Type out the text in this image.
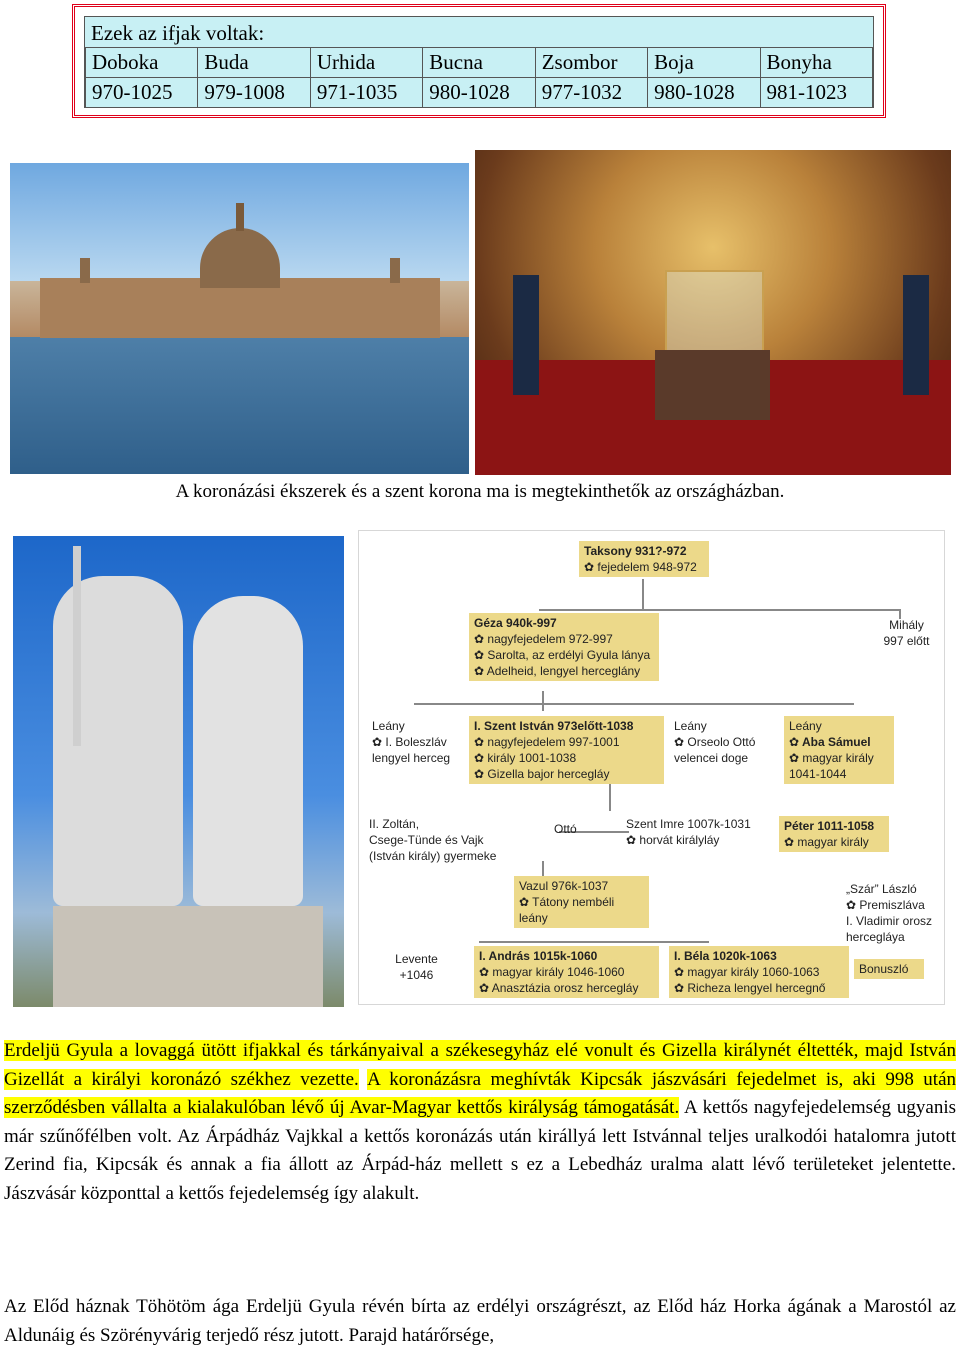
Ezek az ifjak voltak:
Doboka	Buda	Urhida	Bucna	Zsombor	Boja	Bonyha
970-1025	979-1008	971-1035	980-1028	977-1032	980-1028	981-1023
A koronázási ékszerek és a szent korona ma is megtekinthetők az országházban.
Taksony 931?-972
✿ fejedelem 948-972
Géza 940k-997
✿ nagyfejedelem 972-997
✿ Sarolta, az erdélyi Gyula lánya
✿ Adelheid, lengyel herceglány
Mihály
997 előtt
Leány
✿ I. Boleszláv
lengyel herceg
I. Szent István 973előtt-1038
✿ nagyfejedelem 997-1001
✿ király 1001-1038
✿ Gizella bajor hercegláy
Leány
✿ Orseolo Ottó
velencei doge
Leány
✿ Aba Sámuel
✿ magyar király
1041-1044
II. Zoltán,
Csege-Tünde és Vajk
(István király) gyermeke
Ottó	Szent Imre 1007k-1031
✿ horvát királyláy
Péter 1011-1058
✿ magyar király
Vazul 976k-1037
✿ Tátony nembéli leány
„Szár” László
✿ Premiszláva
I. Vladimir orosz
hercegláya
Levente
+1046
I. András 1015k-1060
✿ magyar király 1046-1060
✿ Anasztázia orosz hercegláy
I. Béla 1020k-1063
✿ magyar király 1060-1063
✿ Richeza lengyel hercegnő
Bonuszló
Erdeljü Gyula a lovaggá ütött ifjakkal és tárkányaival a székesegyház elé vonult és Gizella királynét éltették, majd István Gizellát a királyi koronázó székhez vezette. A koronázásra meghívták Kipcsák jászvásári fejedelmet is, aki 998 után szerződésben vállalta a kialakulóban lévő új Avar-Magyar kettős királyság támogatását. A kettős nagyfejedelemség ugyanis már szűnőfélben volt. Az Árpádház Vajkkal a kettős koronázás után királlyá lett Istvánnal teljes uralkodói hatalomra jutott Zerind fia, Kipcsák és annak a fia állott az Árpád-ház mellett s ez a Lebedház uralma alatt lévő területeket jelentette. Jászvásár központtal a kettős fejedelemség így alakult.
Az Előd háznak Töhötöm ága Erdeljü Gyula révén bírta az erdélyi országrészt, az Előd ház Horka ágának a Marostól az Aldunáig és Szörényvárig terjedő rész jutott. Parajd határőrsége,
